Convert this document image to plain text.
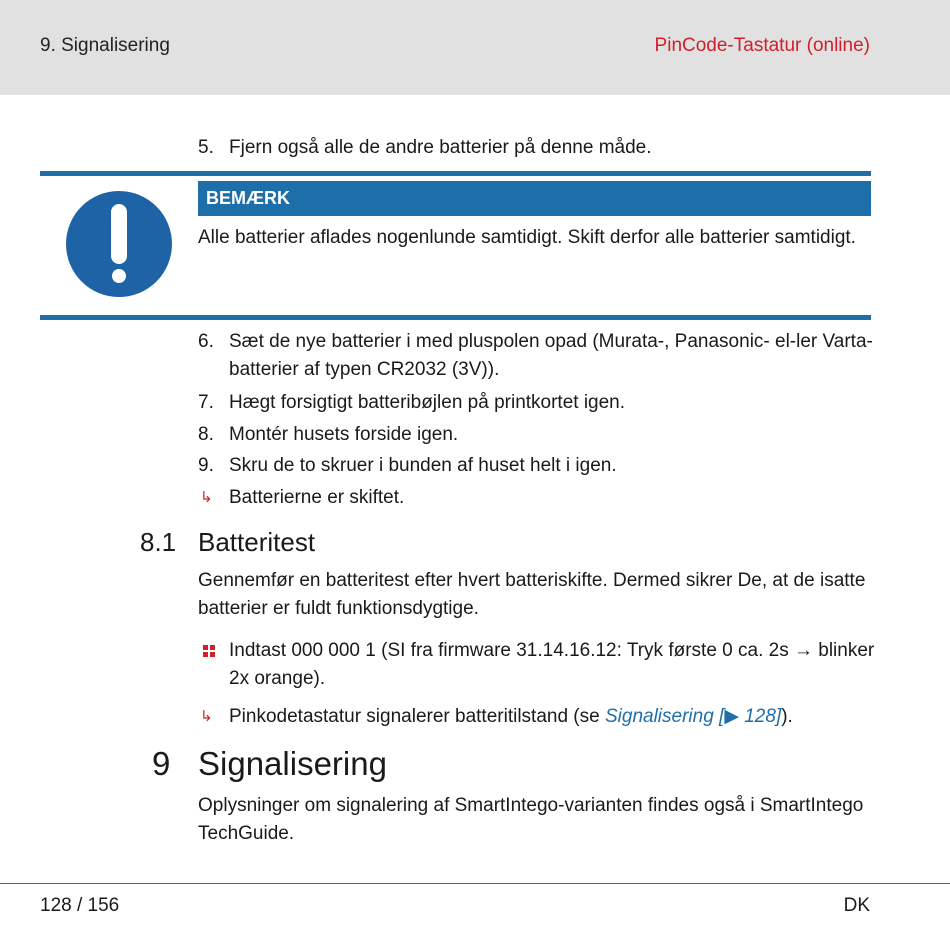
9. Signalisering	PinCode-Tastatur (online)
5. Fjern også alle de andre batterier på denne måde.
BEMÆRK
Alle batterier aflades nogenlunde samtidigt. Skift derfor alle batterier samtidigt.
6. Sæt de nye batterier i med pluspolen opad (Murata-, Panasonic- el-ler Varta-batterier af typen CR2032 (3V)).
7. Hægt forsigtigt batteribøjlen på printkortet igen.
8. Montér husets forside igen.
9. Skru de to skruer i bunden af huset helt i igen.
↳ Batterierne er skiftet.
8.1 Batteritest
Gennemfør en batteritest efter hvert batteriskifte. Dermed sikrer De, at de isatte batterier er fuldt funktionsdygtige.
Indtast 000 000 1 (SI fra firmware 31.14.16.12: Tryk første 0 ca. 2s → blinker 2x orange).
↳ Pinkodetastatur signalerer batteritilstand (se Signalisering [▶ 128]).
9 Signalisering
Oplysninger om signalering af SmartIntego-varianten findes også i SmartIntego TechGuide.
128 / 156	DK
